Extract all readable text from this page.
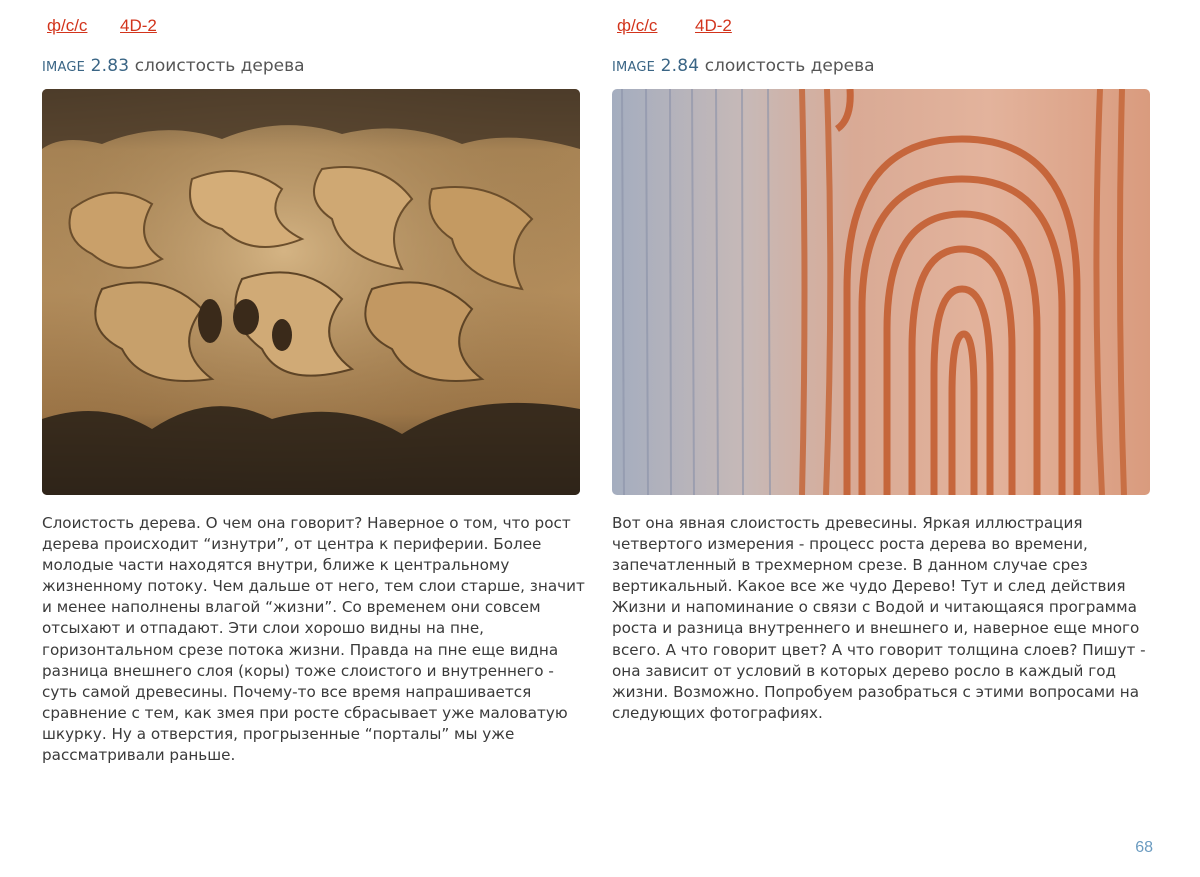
ф/с/с 4D-2
IMAGE 2.83 слоистость дерева

Слоистость дерева. О чем она говорит? Наверное о том, что рост дерева происходит “изнутри”, от центра к периферии. Более молодые части находятся внутри, ближе к центральному жизненному потоку. Чем дальше от него, тем слои старше, значит и менее наполнены влагой “жизни”. Со временем они совсем отсыхают и отпадают. Эти слои хорошо видны на пне, горизонтальном срезе потока жизни. Правда на пне еще видна разница внешнего слоя (коры) тоже слоистого и внутреннего - суть самой древесины. Почему-то все время напрашивается сравнение с тем, как змея при росте сбрасывает уже маловатую шкурку. Ну а отверстия, прогрызенные “порталы” мы уже рассматривали раньше.

ф/с/с 4D-2
IMAGE 2.84 слоистость дерева

Вот она явная слоистость древесины. Яркая иллюстрация четвертого измерения - процесс роста дерева во времени, запечатленный в трехмерном срезе. В данном случае срез вертикальный. Какое все же чудо Дерево! Тут и след действия Жизни и напоминание о связи с Водой и читающаяся программа роста и разница внутреннего и внешнего и, наверное еще много всего. А что говорит цвет? А что говорит толщина слоев? Пишут - она зависит от условий в которых дерево росло в каждый год жизни. Возможно. Попробуем разобраться с этими вопросами на следующих фотографиях.

68
